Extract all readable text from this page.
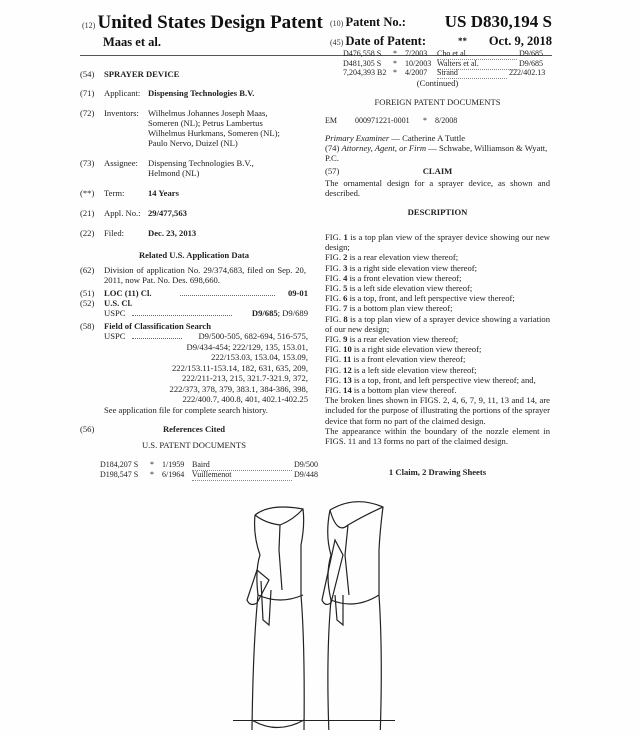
(12) United States Design Patent
Maas et al.
(10) Patent No.: US D830,194 S
(45) Date of Patent:	** Oct. 9, 2018
(54) SPRAYER DEVICE
(71) Applicant: Dispensing Technologies B.V.
(72) Inventors: Wilhelmus Johannes Joseph Maas, Someren (NL); Petrus Lambertus Wilhelmus Hurkmans, Someren (NL); Paulo Nervo, Duizel (NL)
(73) Assignee: Dispensing Technologies B.V., Helmond (NL)
(**) Term:	14 Years
(21) Appl. No.: 29/477,563
(22) Filed:	Dec. 23, 2013
Related U.S. Application Data
(62) Division of application No. 29/374,683, filed on Sep. 20, 2011, now Pat. No. Des. 698,660.
(51) LOC (11) Cl.	09-01
(52) U.S. Cl.
USPC	D9/685; D9/689
(58) Field of Classification Search
USPC	D9/500-505, 682-694, 516-575,
D9/434-454; 222/129, 135, 153.01,
222/153.03, 153.04, 153.09,
222/153.11-153.14, 182, 631, 635, 209,
222/211-213, 215, 321.7-321.9, 372,
222/373, 378, 379, 383.1, 384-386, 398,
222/400.7, 400.8, 401, 402.1-402.25
See application file for complete search history.
(56)	References Cited
U.S. PATENT DOCUMENTS
D184,207 S * 1/1959 Baird	D9/500
D198,547 S * 6/1964 Vuillemenot	D9/448
D476,558 S * 7/2003 Cho et al.	D9/685
D481,305 S * 10/2003 Walters et al.	D9/685
7,204,393 B2 * 4/2007 Strand	222/402.13
(Continued)
FOREIGN PATENT DOCUMENTS
EM 000971221-0001 * 8/2008
Primary Examiner — Catherine A Tuttle
(74) Attorney, Agent, or Firm — Schwabe, Williamson & Wyatt, P.C.
(57)	CLAIM
The ornamental design for a sprayer device, as shown and described.
DESCRIPTION
FIG. 1 is a top plan view of the sprayer device showing our new design;
FIG. 2 is a rear elevation view thereof;
FIG. 3 is a right side elevation view thereof;
FIG. 4 is a front elevation view thereof;
FIG. 5 is a left side elevation view thereof;
FIG. 6 is a top, front, and left perspective view thereof;
FIG. 7 is a bottom plan view thereof;
FIG. 8 is a top plan view of a sprayer device showing a variation of our new design;
FIG. 9 is a rear elevation view thereof;
FIG. 10 is a right side elevation view thereof;
FIG. 11 is a front elevation view thereof;
FIG. 12 is a left side elevation view thereof;
FIG. 13 is a top, front, and left perspective view thereof; and,
FIG. 14 is a bottom plan view thereof.
The broken lines shown in FIGS. 2, 4, 6, 7, 9, 11, 13 and 14, are included for the purpose of illustrating the portions of the sprayer device that form no part of the claimed design.
The appearance within the boundary of the nozzle element in FIGS. 11 and 13 forms no part of the claimed design.
1 Claim, 2 Drawing Sheets
